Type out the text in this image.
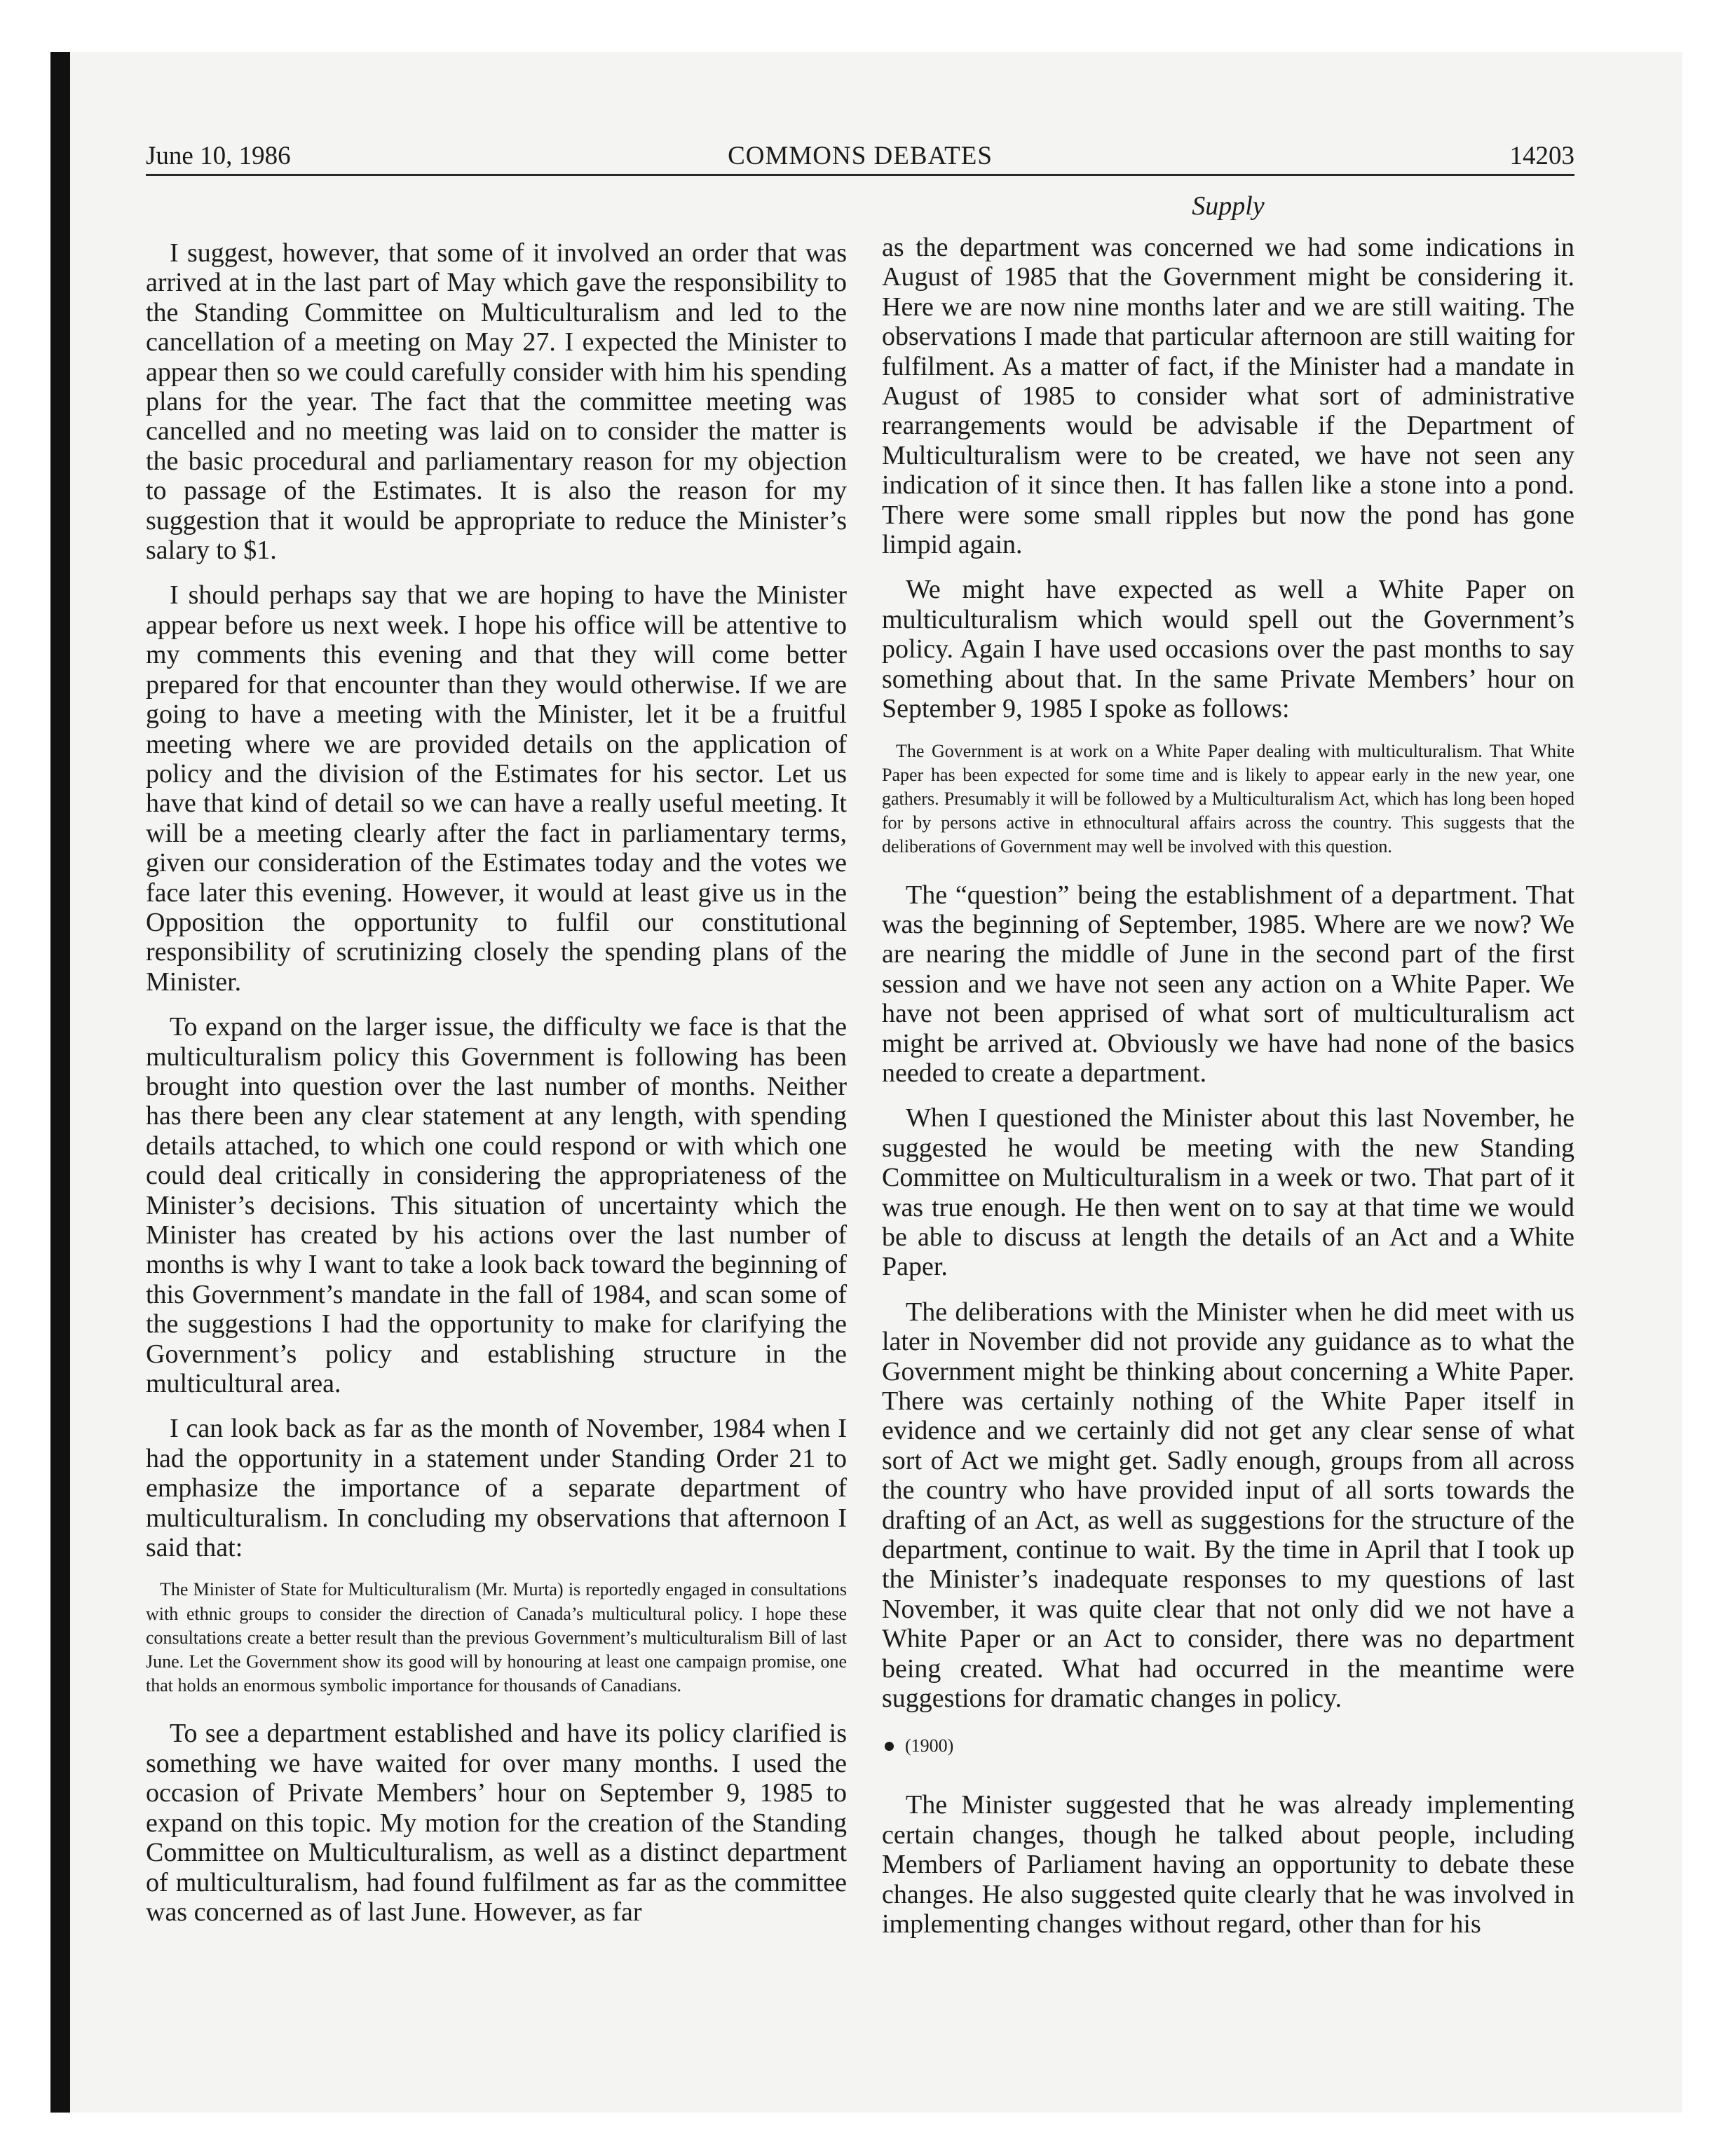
June 10, 1986	COMMONS DEBATES	14203
Supply

I suggest, however, that some of it involved an order that was arrived at in the last part of May which gave the responsibility to the Standing Committee on Multiculturalism and led to the cancellation of a meeting on May 27. I expected the Minister to appear then so we could carefully consider with him his spending plans for the year. The fact that the committee meeting was cancelled and no meeting was laid on to consider the matter is the basic procedural and parliamentary reason for my objection to passage of the Estimates. It is also the reason for my suggestion that it would be appropriate to reduce the Minister’s salary to $1.

I should perhaps say that we are hoping to have the Minister appear before us next week. I hope his office will be attentive to my comments this evening and that they will come better prepared for that encounter than they would otherwise. If we are going to have a meeting with the Minister, let it be a fruitful meeting where we are provided details on the application of policy and the division of the Estimates for his sector. Let us have that kind of detail so we can have a really useful meeting. It will be a meeting clearly after the fact in parliamentary terms, given our consideration of the Estimates today and the votes we face later this evening. However, it would at least give us in the Opposition the opportunity to fulfil our constitutional responsibility of scrutinizing closely the spending plans of the Minister.

To expand on the larger issue, the difficulty we face is that the multiculturalism policy this Government is following has been brought into question over the last number of months. Neither has there been any clear statement at any length, with spending details attached, to which one could respond or with which one could deal critically in considering the appropriateness of the Minister’s decisions. This situation of uncertainty which the Minister has created by his actions over the last number of months is why I want to take a look back toward the beginning of this Government’s mandate in the fall of 1984, and scan some of the suggestions I had the opportunity to make for clarifying the Government’s policy and establishing structure in the multicultural area.

I can look back as far as the month of November, 1984 when I had the opportunity in a statement under Standing Order 21 to emphasize the importance of a separate department of multiculturalism. In concluding my observations that afternoon I said that:

The Minister of State for Multiculturalism (Mr. Murta) is reportedly engaged in consultations with ethnic groups to consider the direction of Canada’s multicultural policy. I hope these consultations create a better result than the previous Government’s multiculturalism Bill of last June. Let the Government show its good will by honouring at least one campaign promise, one that holds an enormous symbolic importance for thousands of Canadians.

To see a department established and have its policy clarified is something we have waited for over many months. I used the occasion of Private Members’ hour on September 9, 1985 to expand on this topic. My motion for the creation of the Standing Committee on Multiculturalism, as well as a distinct department of multiculturalism, had found fulfilment as far as the committee was concerned as of last June. However, as far

as the department was concerned we had some indications in August of 1985 that the Government might be considering it. Here we are now nine months later and we are still waiting. The observations I made that particular afternoon are still waiting for fulfilment. As a matter of fact, if the Minister had a mandate in August of 1985 to consider what sort of administrative rearrangements would be advisable if the Department of Multiculturalism were to be created, we have not seen any indication of it since then. It has fallen like a stone into a pond. There were some small ripples but now the pond has gone limpid again.

We might have expected as well a White Paper on multiculturalism which would spell out the Government’s policy. Again I have used occasions over the past months to say something about that. In the same Private Members’ hour on September 9, 1985 I spoke as follows:

The Government is at work on a White Paper dealing with multiculturalism. That White Paper has been expected for some time and is likely to appear early in the new year, one gathers. Presumably it will be followed by a Multiculturalism Act, which has long been hoped for by persons active in ethnocultural affairs across the country. This suggests that the deliberations of Government may well be involved with this question.

The “question” being the establishment of a department. That was the beginning of September, 1985. Where are we now? We are nearing the middle of June in the second part of the first session and we have not seen any action on a White Paper. We have not been apprised of what sort of multiculturalism act might be arrived at. Obviously we have had none of the basics needed to create a department.

When I questioned the Minister about this last November, he suggested he would be meeting with the new Standing Committee on Multiculturalism in a week or two. That part of it was true enough. He then went on to say at that time we would be able to discuss at length the details of an Act and a White Paper.

The deliberations with the Minister when he did meet with us later in November did not provide any guidance as to what the Government might be thinking about concerning a White Paper. There was certainly nothing of the White Paper itself in evidence and we certainly did not get any clear sense of what sort of Act we might get. Sadly enough, groups from all across the country who have provided input of all sorts towards the drafting of an Act, as well as suggestions for the structure of the department, continue to wait. By the time in April that I took up the Minister’s inadequate responses to my questions of last November, it was quite clear that not only did we not have a White Paper or an Act to consider, there was no department being created. What had occurred in the meantime were suggestions for dramatic changes in policy.

(1900)

The Minister suggested that he was already implementing certain changes, though he talked about people, including Members of Parliament having an opportunity to debate these changes. He also suggested quite clearly that he was involved in implementing changes without regard, other than for his
